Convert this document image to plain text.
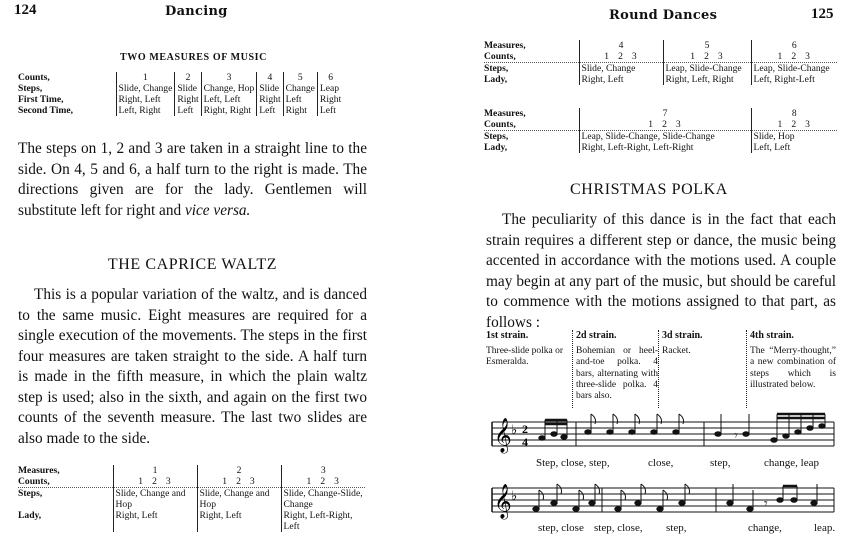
124	Dancing
TWO MEASURES OF MUSIC
Counts,	1	2	3	4	5	6
Steps,	Slide, Change	Slide	Change, Hop	Slide	Change	Leap
First Time,	Right, Left	Right	Left, Left	Right	Left	Right
Second Time,	Left, Right	Left	Right, Right	Left	Right	Left
The steps on 1, 2 and 3 are taken in a straight line to the side. On 4, 5 and 6, a half turn to the right is made. The directions given are for the lady. Gentlemen will substitute left for right and vice versa.
THE CAPRICE WALTZ
This is a popular variation of the waltz, and is danced to the same music. Eight measures are required for a single execution of the movements. The steps in the first four measures are taken straight to the side. A half turn is made in the fifth measure, in which the plain waltz step is used; also in the sixth, and again on the first two counts of the seventh measure. The last two slides are also made to the side.
Measures,	1	2	3
Counts,	1 2 3	1 2 3	1 2 3
Steps,	Slide, Change and Hop	Slide, Change and Hop	Slide, Change-Slide, Change
Lady,	Right, Left	Right, Left	Right, Left-Right, Left
Round Dances	125
Measures,	4	5	6
Counts,	1 2 3	1 2 3	1 2 3
Steps,	Slide, Change	Leap, Slide-Change	Leap, Slide-Change
Lady,	Right, Left	Right, Left, Right	Left, Right-Left
Measures,	7	8
Counts,	1 2 3	1 2 3
Steps,	Leap, Slide-Change, Slide-Change	Slide, Hop
Lady,	Right, Left-Right, Left-Right	Left, Left
CHRISTMAS POLKA
The peculiarity of this dance is in the fact that each strain requires a different step or dance, the music being accented in accordance with the motions used. A couple may begin at any part of the music, but should be careful to commence with the motions assigned to that part, as follows :
1st strain.
Three-slide polka or Esmeralda.
2d strain.
Bohemian or heel-and-toe polka. 4 bars, alternating with three-slide polka. 4 bars also.
3d strain.
Racket.
4th strain.
The “Merry-thought,” a new combination of steps which is illustrated below.
𝄞 ♭ 2
4	𝄾
𝄞 ♭	𝄾
Step, close, step,	close,	step,	change, leap
step, close step, close, step,	change,	leap.
